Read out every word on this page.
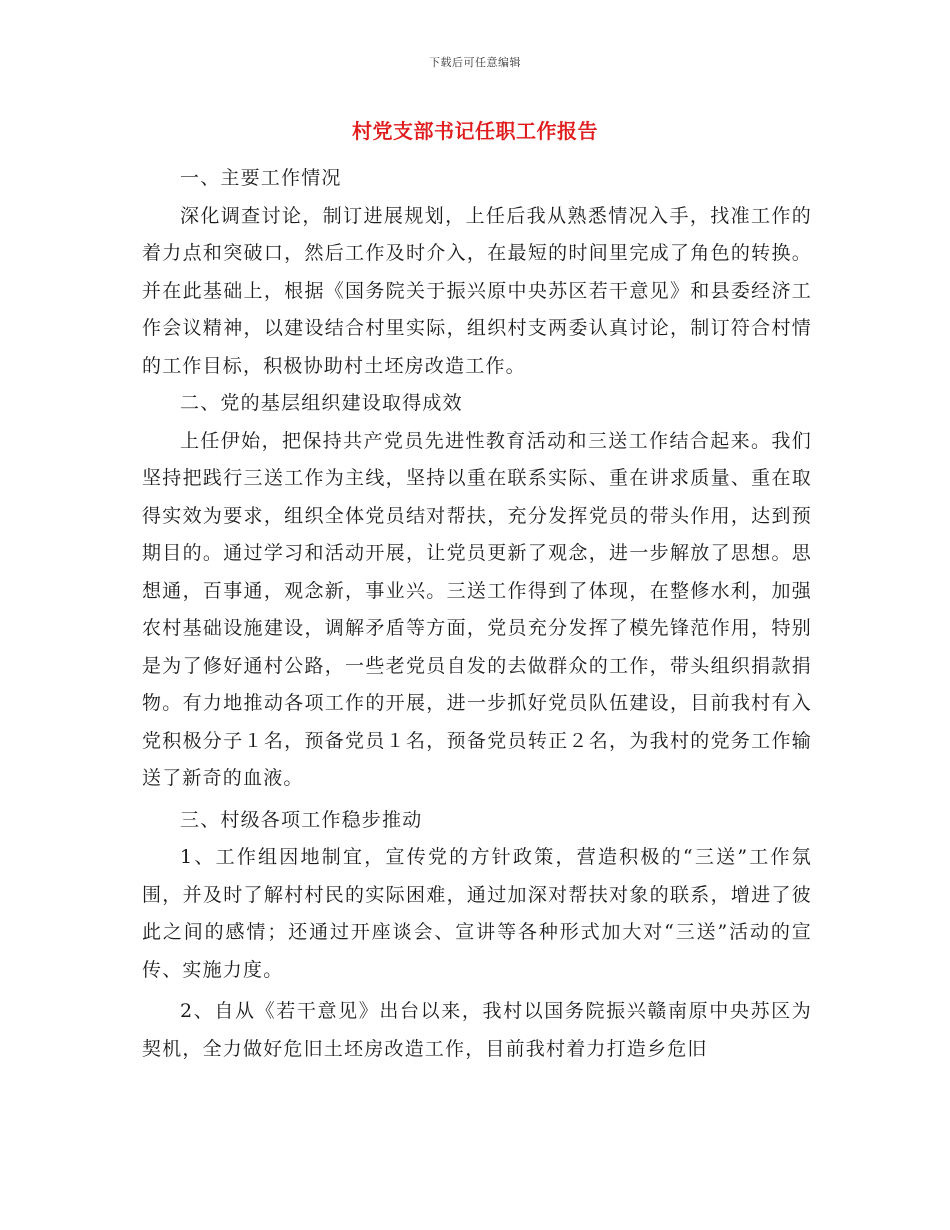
下载后可任意编辑
村党支部书记任职工作报告

一、主要工作情况

深化调查讨论，制订进展规划，上任后我从熟悉情况入手，找准工作的着力点和突破口，然后工作及时介入，在最短的时间里完成了角色的转换。并在此基础上，根据《国务院关于振兴原中央苏区若干意见》和县委经济工作会议精神，以建设结合村里实际，组织村支两委认真讨论，制订符合村情的工作目标，积极协助村土坯房改造工作。

二、党的基层组织建设取得成效

上任伊始，把保持共产党员先进性教育活动和三送工作结合起来。我们坚持把践行三送工作为主线，坚持以重在联系实际、重在讲求质量、重在取得实效为要求，组织全体党员结对帮扶，充分发挥党员的带头作用，达到预期目的。通过学习和活动开展，让党员更新了观念，进一步解放了思想。思想通，百事通，观念新，事业兴。三送工作得到了体现，在整修水利，加强农村基础设施建设，调解矛盾等方面，党员充分发挥了模先锋范作用，特别是为了修好通村公路，一些老党员自发的去做群众的工作，带头组织捐款捐物。有力地推动各项工作的开展，进一步抓好党员队伍建设，目前我村有入党积极分子１名，预备党员１名，预备党员转正２名，为我村的党务工作输送了新奇的血液。

三、村级各项工作稳步推动

1、工作组因地制宜，宣传党的方针政策，营造积极的“三送”工作氛围，并及时了解村村民的实际困难，通过加深对帮扶对象的联系，增进了彼此之间的感情；还通过开座谈会、宣讲等各种形式加大对“三送”活动的宣传、实施力度。

2、自从《若干意见》出台以来，我村以国务院振兴赣南原中央苏区为契机，全力做好危旧土坯房改造工作，目前我村着力打造乡危旧
